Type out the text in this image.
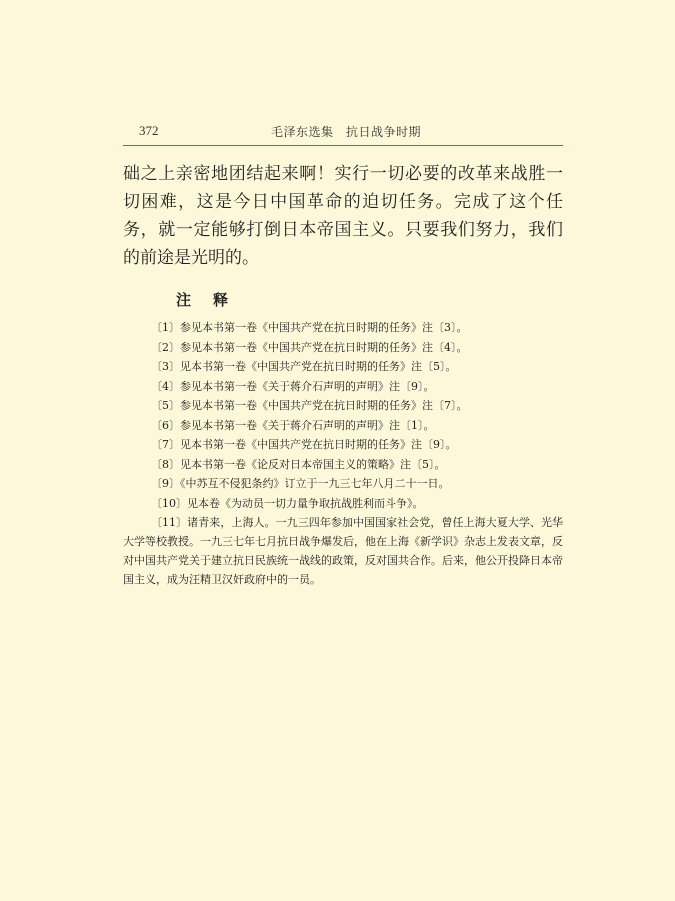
372	毛泽东选集　抗日战争时期

础之上亲密地团结起来啊！实行一切必要的改革来战胜一切困难，这是今日中国革命的迫切任务。完成了这个任务，就一定能够打倒日本帝国主义。只要我们努力，我们的前途是光明的。

注释
〔1〕参见本书第一卷《中国共产党在抗日时期的任务》注〔3〕。
〔2〕参见本书第一卷《中国共产党在抗日时期的任务》注〔4〕。
〔3〕见本书第一卷《中国共产党在抗日时期的任务》注〔5〕。
〔4〕参见本书第一卷《关于蒋介石声明的声明》注〔9〕。
〔5〕参见本书第一卷《中国共产党在抗日时期的任务》注〔7〕。
〔6〕参见本书第一卷《关于蒋介石声明的声明》注〔1〕。
〔7〕见本书第一卷《中国共产党在抗日时期的任务》注〔9〕。
〔8〕见本书第一卷《论反对日本帝国主义的策略》注〔5〕。
〔9〕《中苏互不侵犯条约》订立于一九三七年八月二十一日。
〔10〕见本卷《为动员一切力量争取抗战胜利而斗争》。
〔11〕诸青来，上海人。一九三四年参加中国国家社会党，曾任上海大夏大学、光华大学等校教授。一九三七年七月抗日战争爆发后，他在上海《新学识》杂志上发表文章，反对中国共产党关于建立抗日民族统一战线的政策，反对国共合作。后来，他公开投降日本帝国主义，成为汪精卫汉奸政府中的一员。
